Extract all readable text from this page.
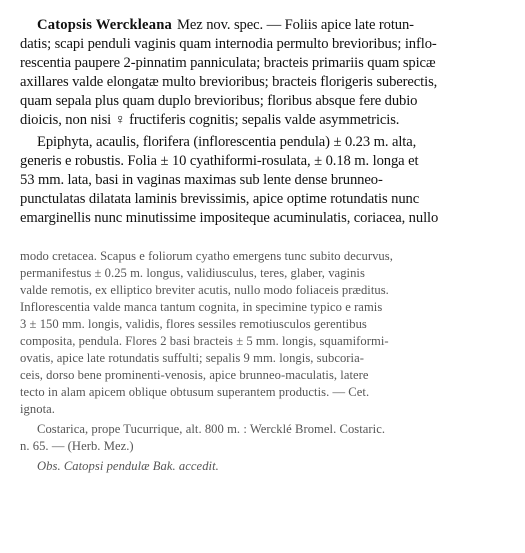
Catopsis Werckleana Mez nov. spec. — Foliis apice late rotun-
datis; scapi penduli vaginis quam internodia permulto brevioribus; inflo-
rescentia paupere 2-pinnatim panniculata; bracteis primariis quam spicæ
axillares valde elongatæ multo brevioribus; bracteis florigeris suberectis,
quam sepala plus quam duplo brevioribus; floribus absque fere dubio
dioicis, non nisi ♀ fructiferis cognitis; sepalis valde asymmetricis.
Epiphyta, acaulis, florifera (inflorescentia pendula) ± 0.23 m. alta,
generis e robustis. Folia ± 10 cyathiformi-rosulata, ± 0.18 m. longa et
53 mm. lata, basi in vaginas maximas sub lente dense brunneo-
punctulatas dilatata laminis brevissimis, apice optime rotundatis nunc
emarginellis nunc minutissime impositeque acuminulatis, coriacea, nullo
modo cretacea. Scapus e foliorum cyatho emergens tunc subito decurvus,
permanifestus ± 0.25 m. longus, validiusculus, teres, glaber, vaginis
valde remotis, ex elliptico breviter acutis, nullo modo foliaceis præditus.
Inflorescentia valde manca tantum cognita, in specimine typico e ramis
3 ± 150 mm. longis, validis, flores sessiles remotiusculos gerentibus
composita, pendula. Flores 2 basi bracteis ± 5 mm. longis, squamiformi-
ovatis, apice late rotundatis suffulti; sepalis 9 mm. longis, subcoria-
ceis, dorso bene prominenti-venosis, apice brunneo-maculatis, latere
tecto in alam apicem oblique obtusum superantem productis. — Cet.
ignota.
Costarica, prope Tucurrique, alt. 800 m. : Wercklé Bromel. Costaric.
n. 65. — (Herb. Mez.)
Obs. Catopsi pendulæ Bak. accedit.
